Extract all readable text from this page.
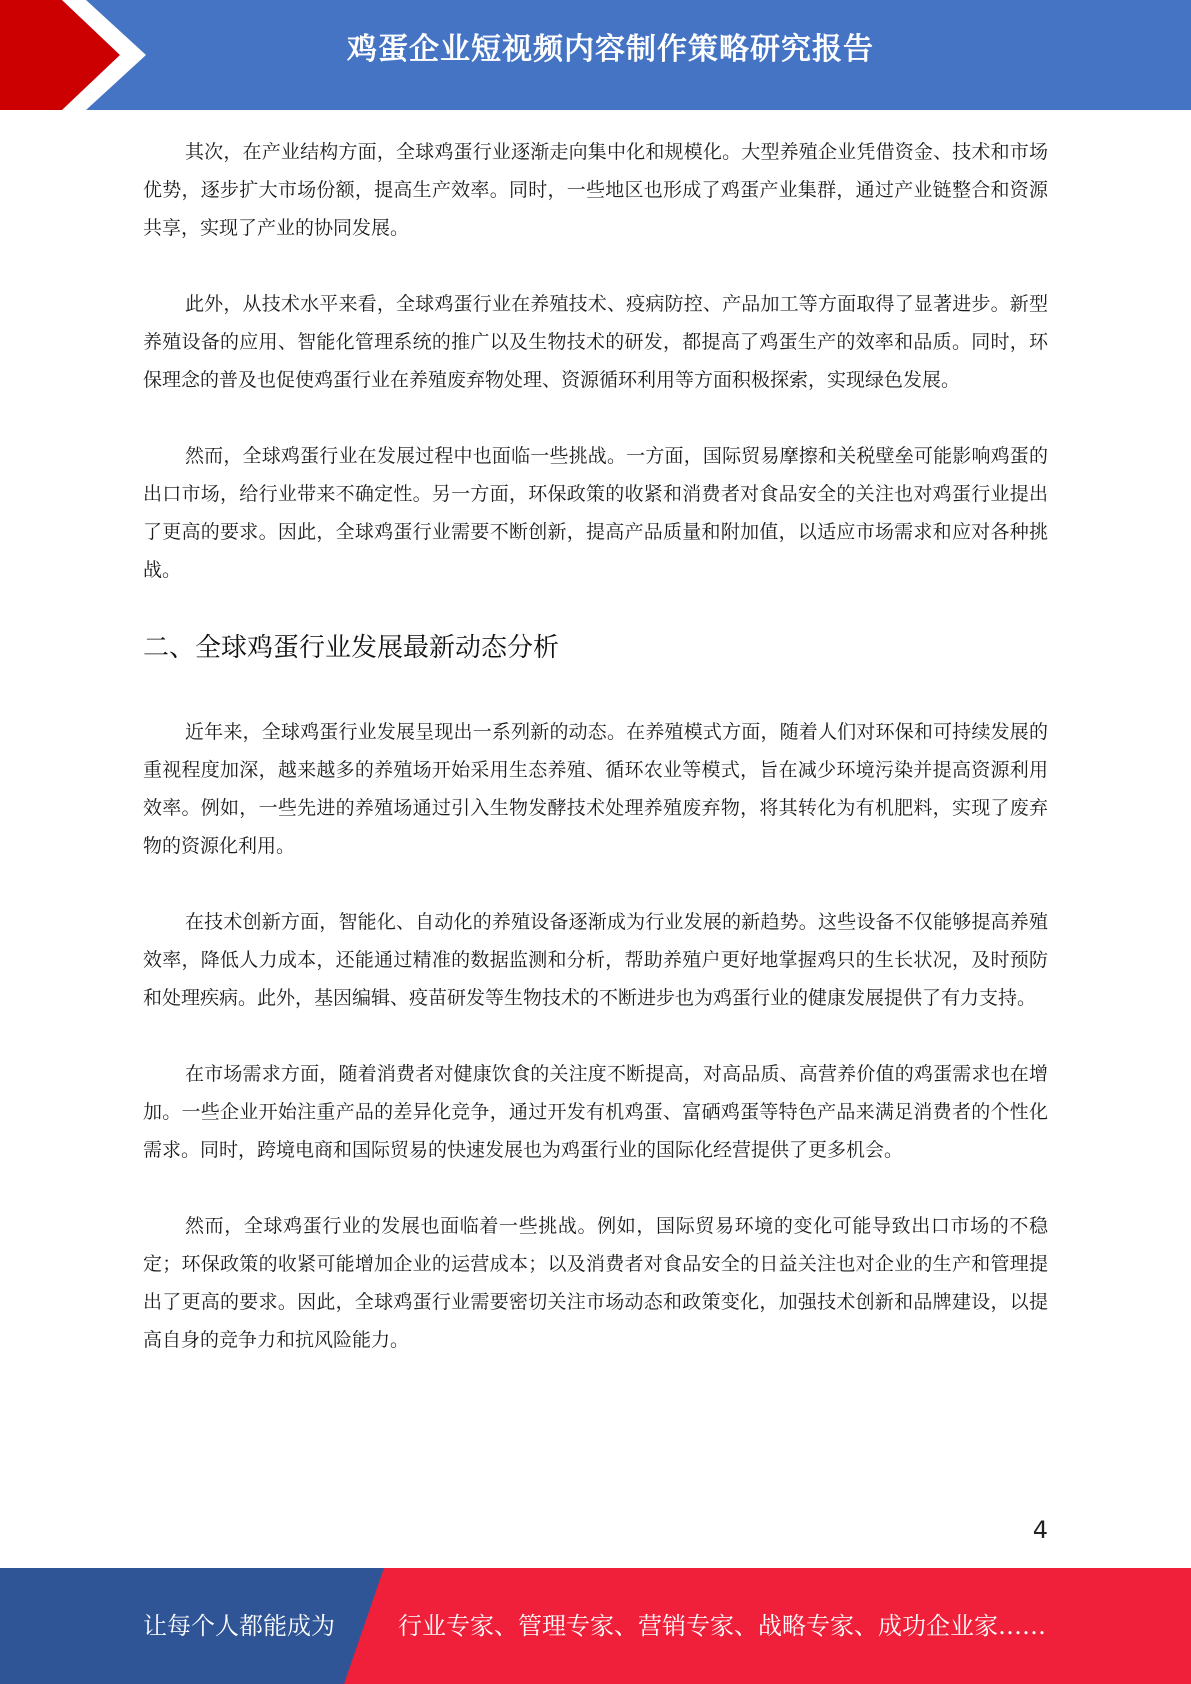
鸡蛋企业短视频内容制作策略研究报告

其次，在产业结构方面，全球鸡蛋行业逐渐走向集中化和规模化。大型养殖企业凭借资金、技术和市场优势，逐步扩大市场份额，提高生产效率。同时，一些地区也形成了鸡蛋产业集群，通过产业链整合和资源共享，实现了产业的协同发展。

此外，从技术水平来看，全球鸡蛋行业在养殖技术、疫病防控、产品加工等方面取得了显著进步。新型养殖设备的应用、智能化管理系统的推广以及生物技术的研发，都提高了鸡蛋生产的效率和品质。同时，环保理念的普及也促使鸡蛋行业在养殖废弃物处理、资源循环利用等方面积极探索，实现绿色发展。

然而，全球鸡蛋行业在发展过程中也面临一些挑战。一方面，国际贸易摩擦和关税壁垒可能影响鸡蛋的出口市场，给行业带来不确定性。另一方面，环保政策的收紧和消费者对食品安全的关注也对鸡蛋行业提出了更高的要求。因此，全球鸡蛋行业需要不断创新，提高产品质量和附加值，以适应市场需求和应对各种挑战。

二、全球鸡蛋行业发展最新动态分析

近年来，全球鸡蛋行业发展呈现出一系列新的动态。在养殖模式方面，随着人们对环保和可持续发展的重视程度加深，越来越多的养殖场开始采用生态养殖、循环农业等模式，旨在减少环境污染并提高资源利用效率。例如，一些先进的养殖场通过引入生物发酵技术处理养殖废弃物，将其转化为有机肥料，实现了废弃物的资源化利用。

在技术创新方面，智能化、自动化的养殖设备逐渐成为行业发展的新趋势。这些设备不仅能够提高养殖效率，降低人力成本，还能通过精准的数据监测和分析，帮助养殖户更好地掌握鸡只的生长状况，及时预防和处理疾病。此外，基因编辑、疫苗研发等生物技术的不断进步也为鸡蛋行业的健康发展提供了有力支持。

在市场需求方面，随着消费者对健康饮食的关注度不断提高，对高品质、高营养价值的鸡蛋需求也在增加。一些企业开始注重产品的差异化竞争，通过开发有机鸡蛋、富硒鸡蛋等特色产品来满足消费者的个性化需求。同时，跨境电商和国际贸易的快速发展也为鸡蛋行业的国际化经营提供了更多机会。

然而，全球鸡蛋行业的发展也面临着一些挑战。例如，国际贸易环境的变化可能导致出口市场的不稳定；环保政策的收紧可能增加企业的运营成本；以及消费者对食品安全的日益关注也对企业的生产和管理提出了更高的要求。因此，全球鸡蛋行业需要密切关注市场动态和政策变化，加强技术创新和品牌建设，以提高自身的竞争力和抗风险能力。

4
让每个人都能成为	行业专家、管理专家、营销专家、战略专家、成功企业家……
